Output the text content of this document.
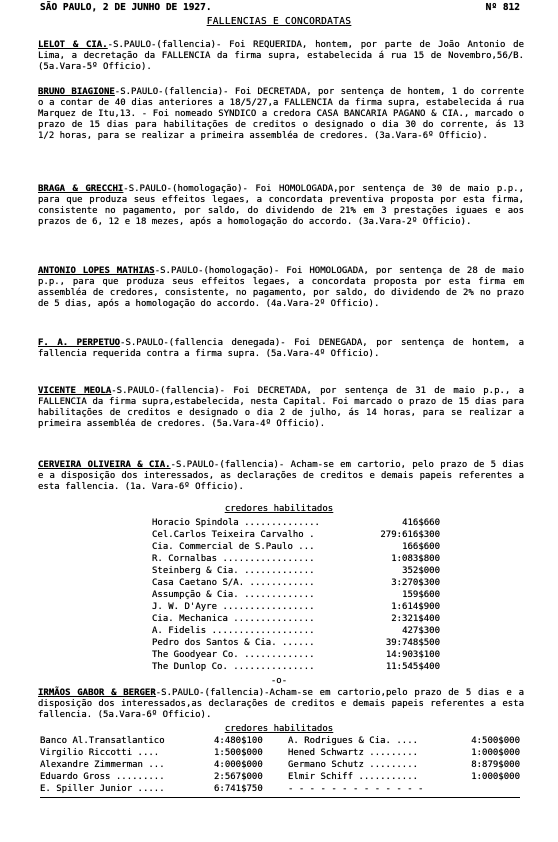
SÃO PAULO, 2 DE JUNHO DE 1927.	Nº 812
FALLENCIAS E CONCORDATAS
LELOT & CIA.-S.PAULO-(fallencia)- Foi REQUERIDA, hontem, por parte de João Antonio de Lima, a decretação da FALLENCIA da firma supra, estabelecida á rua 15 de Novembro,56/B. (5a.Vara-5º Officio).
BRUNO BIAGIONE-S.PAULO-(fallencia)- Foi DECRETADA, por sentença de hontem, 1 do corrente o a contar de 40 dias anteriores a 18/5/27,a FALLENCIA da firma supra, estabelecida á rua Marquez de Itu,13. - Foi nomeado SYNDICO a credora CASA BANCARIA PAGANO & CIA., marcado o prazo de 15 dias para habilitações de creditos o designado o dia 30 do corrente, ás 13 1/2 horas, para se realizar a primeira assembléa de credores. (3a.Vara-6º Officio).
BRAGA & GRECCHI-S.PAULO-(homologação)- Foi HOMOLOGADA,por sentença de 30 de maio p.p., para que produza seus effeitos legaes, a concordata preventiva proposta por esta firma, consistente no pagamento, por saldo, do dividendo de 21% em 3 prestações iguaes e aos prazos de 6, 12 e 18 mezes, após a homologação do accordo. (3a.Vara-2º Officio).
ANTONIO LOPES MATHIAS-S.PAULO-(homologação)- Foi HOMOLOGADA, por sentença de 28 de maio p.p., para que produza seus effeitos legaes, a concordata proposta por esta firma em assembléa de credores, consistente, no pagamento, por saldo, do dividendo de 2% no prazo de 5 dias, após a homologação do accordo. (4a.Vara-2º Officio).
F. A. PERPETUO-S.PAULO-(fallencia denegada)- Foi DENEGADA, por sentença de hontem, a fallencia requerida contra a firma supra. (5a.Vara-4º Officio).
VICENTE MEOLA-S.PAULO-(fallencia)- Foi DECRETADA, por sentença de 31 de maio p.p., a FALLENCIA da firma supra,estabelecida, nesta Capital. Foi marcado o prazo de 15 dias para habilitações de creditos e designado o dia 2 de julho, ás 14 horas, para se realizar a primeira assembléa de credores. (5a.Vara-4º Officio).
CERVEIRA OLIVEIRA & CIA.-S.PAULO-(fallencia)- Acham-se em cartorio, pelo prazo de 5 dias e a disposição dos interessados, as declarações de creditos e demais papeis referentes a esta fallencia. (1a. Vara-6º Officio).
credores habilitados
Horacio Spindola ..............	416$660
Cel.Carlos Teixeira Carvalho .	279:616$300
Cia. Commercial de S.Paulo ...	166$600
R. Cornalbas .................	1:083$800
Steinberg & Cia. .............	352$000
Casa Caetano S/A. ............	3:270$300
Assumpção & Cia. .............	159$600
J. W. D'Ayre .................	1:614$900
Cia. Mechanica ...............	2:321$400
A. Fidelis ...................	427$300
Pedro dos Santos & Cia. ......	39:748$500
The Goodyear Co. .............	14:903$100
The Dunlop Co. ...............	11:545$400
-o-
IRMÃOS GABOR & BERGER-S.PAULO-(fallencia)-Acham-se em cartorio,pelo prazo de 5 dias e a disposição dos interessados,as declarações de creditos e demais papeis referentes a esta fallencia. (5a.Vara-6º Officio).
credores habilitados
Banco Al.Transatlantico	4:480$100	A. Rodrigues & Cia. ....	4:500$000
Virgilio Riccotti ....	1:500$000	Hened Schwartz .........	1:000$000
Alexandre Zimmerman ...	4:000$000	Germano Schutz .........	8:879$000
Eduardo Gross .........	2:567$000	Elmir Schiff ...........	1:000$000
E. Spiller Junior .....	6:741$750	- - - - - - - - - - - - -
